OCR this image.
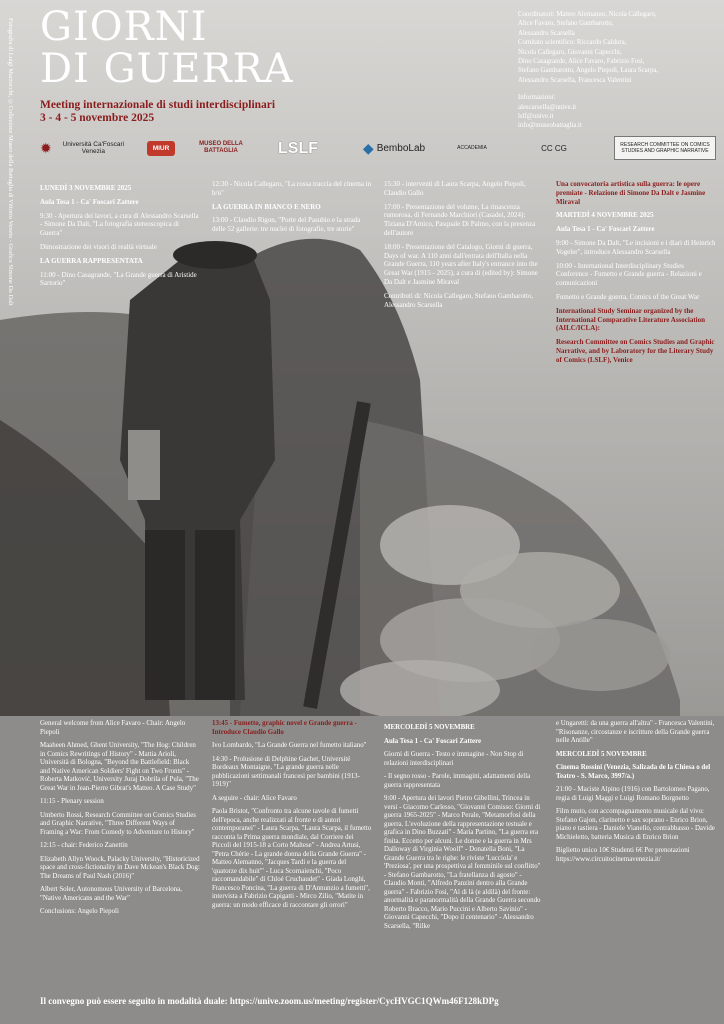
Fotografia di Luigi Marzocchi, ©Collezione Museo della Battaglia di Vittorio Veneto - Grafica Simone Da Dalt GIORNI
DI GUERRA
Meeting internazionale di studi interdisciplinari
3 - 4 - 5 novembre 2025
Coordinatori: Matteo Alemanno, Nicola Callegaro,
Alice Favaro, Stefano Gambarotto,
Alessandro Scarsella
Comitato scientifico: Riccardo Caldura,
Nicola Callegaro, Giovanni Capecchi,
Dino Casagrande, Alice Favaro, Fabrizio Fosi,
Stefano Gambarotto, Angelo Piepoli, Laura Scarpa,
Alessandro Scarsella, Francesca Valentini
Informazioni:
alescarsella@unive.it
lslf@unive.it
info@museobattaglia.it
✹	Università Ca'Foscari Venezia	MIUR
MUSEO DELLA BATTAGLIA	LSLF	◆ BemboLab	ACCADEMIA	CC CG	RESEARCH COMMITTEE ON COMICS STUDIES AND GRAPHIC NARRATIVE

LUNEDÌ 3 NOVEMBRE 2025

Aula Tesa 1 - Ca' Foscari Zattere

9:30 - Apertura dei lavori, a cura di Alessandro Scarsella - Simone Da Dalt, "La fotografia stereoscopica di Guerra"

Dimostrazione dei visori di realtà virtuale

LA GUERRA RAPPRESENTATA

11:00 - Dino Casagrande, "La Grande guerra di Aristide Sartorio"

12:30 - Nicola Callegaro, "La rossa traccia del cinema in b/n"

LA GUERRA IN BIANCO E NERO

13:00 - Claudio Rigon, "Porte del Pasubio e la strada delle 52 gallerie: tre nuclei di fotografie, tre storie"

15:30 - interventi di Laura Scarpa, Angelo Piepoli, Claudio Gallo

17:00 - Presentazione del volume, La rinascenza rumorosa, di Fernando Marchiori (Casadei, 2024): Tiziana D'Amico, Pasquale Di Palmo, con la presenza dell'autore

18:00 - Presentazione del Catalogo, Giorni di guerra, Days of war. A 110 anni dall'entrata dell'Italia nella Grande Guerra, 110 years after Italy's entrance into the Great War (1915 - 2025), a cura di (edited by): Simone Da Dalt e Jasmine Miraval

Contributi di: Nicola Callegaro, Stefano Gambarotto, Alessandro Scarsella

Una convocatoria artistica sulla guerra: le opere premiate - Relazione di Simone Da Dalt e Jasmine Miraval

MARTEDÌ 4 NOVEMBRE 2025

Aula Tesa 1 - Ca' Foscari Zattere

9:00 - Simone Da Dalt, "Le incisioni e i diari di Heinrich Vogeler", introduce Alessandro Scarsella

10:00 - International Interdisciplinary Studies Conference - Fumetto e Grande guerra - Relazioni e comunicazioni

Fumetto e Grande guerra, Comics of the Great War

International Study Seminar organized by the International Comparative Literature Association (AILC/ICLA):

Research Committee on Comics Studies and Graphic Narrative, and by Laboratory for the Literary Study of Comics (LSLF), Venice

General welcome from Alice Favaro - Chair: Angelo Piepoli

Maaheen Ahmed, Ghent University, "The Hog: Children in Comics Rewritings of History" - Mattia Arioli, Università di Bologna, "Beyond the Battlefield: Black and Native American Soldiers' Fight on Two Fronts" - Roberta Matković, University Juraj Dobrila of Pula, "The Great War in Jean-Pierre Gibrat's Matteo. A Case Study"

11:15 - Plenary session

Umberto Rossi, Research Committee on Comics Studies and Graphic Narrative, "Three Different Ways of Framing a War: From Comedy to Adventure to History"

12:15 - chair: Federico Zanettin

Elizabeth Allyn Woock, Palacky University, "Historicized space and cross-fictionality in Dave Mckean's Black Dog: The Dreams of Paul Nash (2016)"

Albert Soler, Autonomous University of Barcelona, "Native Americans and the War"

Conclusions: Angelo Piepoli

13:45 - Fumetto, graphic novel e Grande guerra - Introduce Claudio Gallo

Ivo Lombardo, "La Grande Guerra nel fumetto italiano"

14:30 - Prolusione di Delphine Gachet, Université Bordeaux Montaigne, "La grande guerra nelle pubblicazioni settimanali francesi per bambini (1913-1919)"

A seguire - chair: Alice Favaro

Paola Bristot, "Confronto tra alcune tavole di fumetti dell'epoca, anche realizzati al fronte e di autori contemporanei" - Laura Scarpa, "Laura Scarpa, il fumetto racconta la Prima guerra mondiale, dal Corriere dei Piccoli del 1915-18 a Corto Maltese" - Andrea Artusi, "Petra Chérie - La grande donna della Grande Guerra" - Matteo Alemanno, "Jacques Tardi e la guerra del 'quatorze dix huit'" - Luca Scornaienchi, "Poco raccomandabile" di Chloé Cruchaudet" - Giada Longhi, Francesco Poncina, "La guerra di D'Annunzio a fumetti", intervista a Fabrizio Capigatti - Mirco Zilio, "Matite in guerra: un modo efficace di raccontare gli orrori"

MERCOLEDÌ 5 NOVEMBRE

Aula Tesa 1 - Ca' Foscari Zattere

Giorni di Guerra - Testo e immagine - Non Stop di relazioni interdisciplinari

- Il segno rosso - Parole, immagini, adattamenti della guerra rappresentata

9:00 - Apertura dei lavori Pietro Gibellini, Trincea in versi - Giacomo Carlesso, "Giovanni Comisso: Giorni di guerra 1965-2025" - Marco Perale, "Metamorfosi della guerra. L'evoluzione della rappresentazione testuale e grafica in Dino Buzzati" - Maria Partino, "La guerra era finita. Eccetto per alcuni. Le donne e la guerra in Mrs Dalloway di Virginia Woolf" - Donatella Boni, "La Grande Guerra tra le righe: le riviste 'Lucciola' e 'Preziosa', per una prospettiva al femminile sul conflitto" - Stefano Gambarotto, "La fratellanza di agosto" - Claudio Monti, "Alfredo Panzini dentro alla Grande guerra" - Fabrizio Fosi, "Al di là (e aldilà) del fronte: anormalità e paranormalità della Grande Guerra secondo Roberto Bracco, Mario Puccini e Alberto Savinio" - Giovanni Capecchi, "Dopo il centenario" - Alessandro Scarsella, "Rilke

e Ungaretti: da una guerra all'altra" - Francesca Valentini, "Risonanze, circostanze e iscritture della Grande guerra nelle Antille"

MERCOLEDÌ 5 NOVEMBRE

Cinema Rossini (Venezia, Salizada de la Chiesa o del Teatro - S. Marco, 3997/a.)

21:00 - Maciste Alpino (1916) con Bartolomeo Pagano, regia di Luigi Maggi e Luigi Romano Borgnetto

Film muto, con accompagnamento musicale dal vivo: Stefano Gajon, clarinetto e sax soprano - Enrico Brion, piano e tastiera - Daniele Vianello, contrabbasso - Davide Michieletto, batteria Musica di Enrico Brion

Biglietto unico 10€ Studenti 6€ Per prenotazioni https://www.circuitocinemavenezia.it/

Il convegno può essere seguito in modalità duale: https://unive.zoom.us/meeting/register/CycHVGC1QWm46F128kDPg
